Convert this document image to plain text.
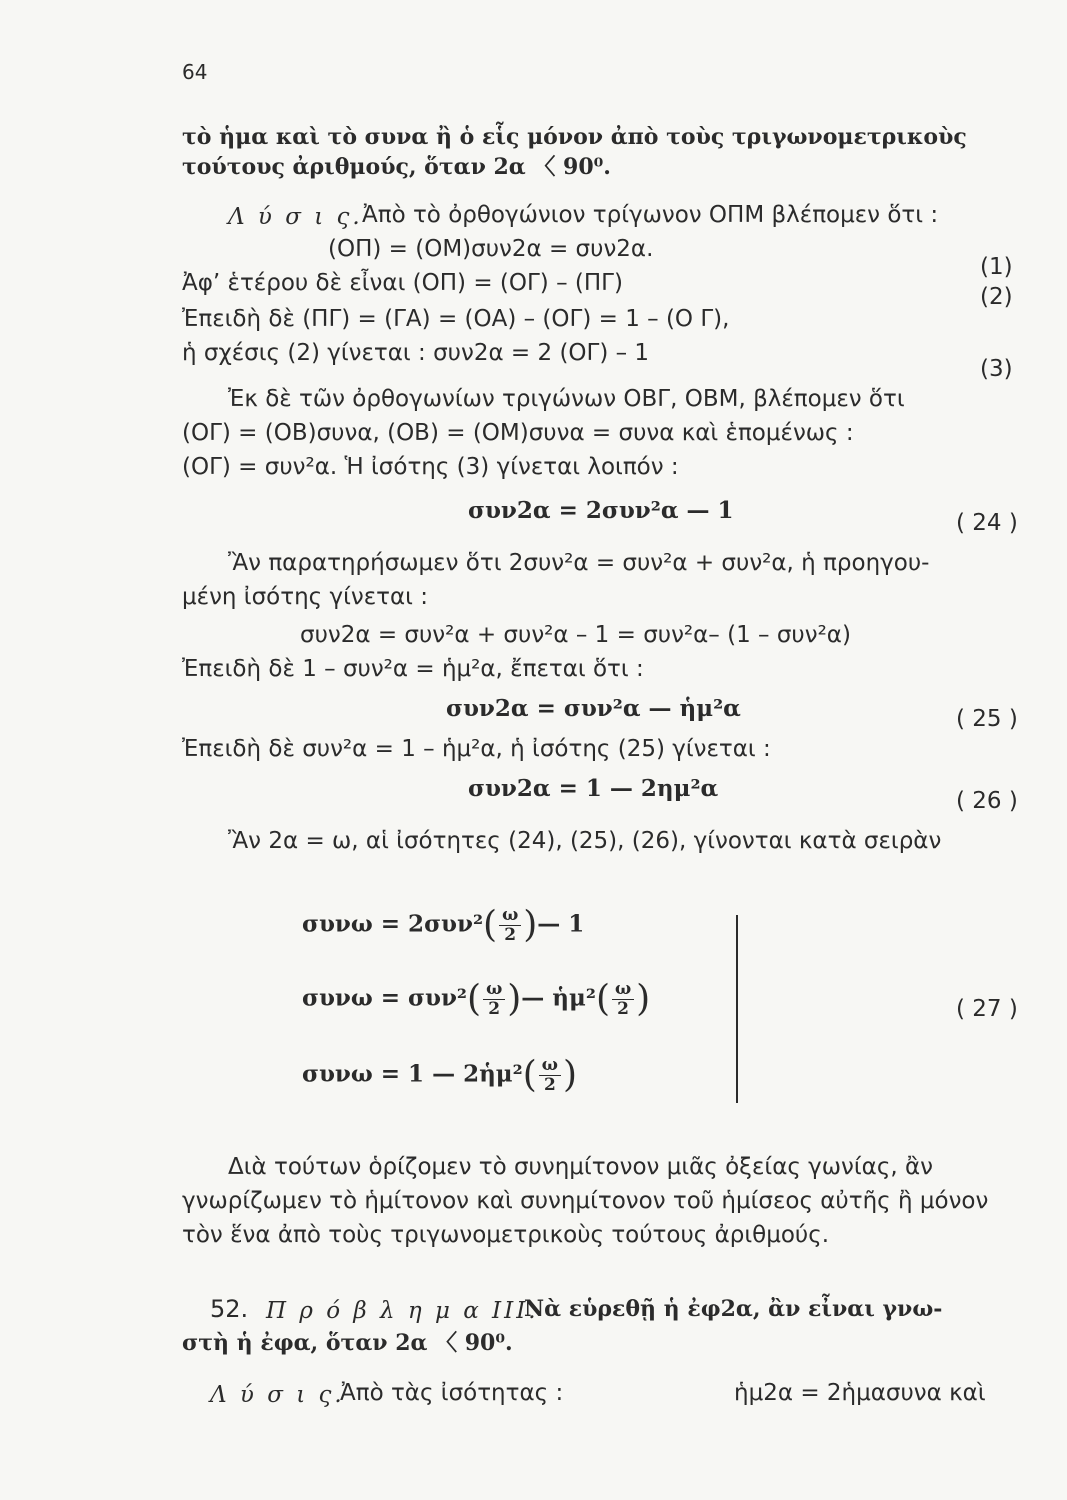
64
τὸ ἡμα καὶ τὸ συνα ἢ ὁ εἷς μόνον ἀπὸ τοὺς τριγωνομετρικοὺς
τούτους ἀριθμούς, ὅταν 2α 〈 90⁰.
Λ ύ σ ι ς. Ἀπὸ τὸ ὀρθογώνιον τρίγωνον ΟΠΜ βλέπομεν ὅτι :
(ΟΠ) = (ΟΜ)συν2α = συν2α.
(1)
Ἀφ’ ἑτέρου δὲ εἶναι (ΟΠ) = (ΟΓ) – (ΠΓ)
(2)
Ἐπειδὴ δὲ (ΠΓ) = (ΓΑ) = (ΟΑ) – (ΟΓ) = 1 – (Ο Γ),
ἡ σχέσις (2) γίνεται : συν2α = 2 (ΟΓ) – 1
(3)
Ἐκ δὲ τῶν ὀρθογωνίων τριγώνων ΟΒΓ, ΟΒΜ, βλέπομεν ὅτι
(ΟΓ) = (ΟΒ)συνα, (ΟΒ) = (ΟΜ)συνα = συνα καὶ ἑπομένως :
(ΟΓ) = συν²α. Ἡ ἰσότης (3) γίνεται λοιπόν :
συν2α = 2συν²α — 1	( 24 )
Ἂν παρατηρήσωμεν ὅτι 2συν²α = συν²α + συν²α, ἡ προηγου-
μένη ἰσότης γίνεται :
συν2α = συν²α + συν²α – 1 = συν²α– (1 – συν²α)
Ἐπειδὴ δὲ 1 – συν²α = ἡμ²α, ἔπεται ὅτι :
συν2α = συν²α — ἡμ²α	( 25 )
Ἐπειδὴ δὲ συν²α = 1 – ἡμ²α, ἡ ἰσότης (25) γίνεται :
συν2α = 1 — 2ημ²α	( 26 )
Ἂν 2α = ω, αἱ ἰσότητες (24), (25), (26), γίνονται κατὰ σειρὰν
$\sigma\upsilon\nu\omega = 2\sigma\upsilon\nu^2( \frac{\omega}{2}$ )— 1
$\sigma\upsilon\nu\omega = \sigma\upsilon\nu^2( \frac{\omega}{2}$ )— ἡμ²( $\frac{\omega}{2}$ )
συνω = 1 — 2ἡμ²( $\frac{\omega}{2}$ )
( 27 )
Διὰ τούτων ὁρίζομεν τὸ συνημίτονον μιᾶς ὀξείας γωνίας, ἂν
γνωρίζωμεν τὸ ἡμίτονον καὶ συνημίτονον τοῦ ἡμίσεος αὐτῆς ἢ μόνον
τὸν ἕνα ἀπὸ τοὺς τριγωνομετρικοὺς τούτους ἀριθμούς.
52. Π ρ ό β λ η μ α ΙΙΙ.
Νὰ εὑρεθῇ ἡ ἐφ2α, ἂν εἶναι γνω-
στὴ ἡ ἐφα, ὅταν 2α 〈 90⁰.
Λ ύ σ ι ς.
Ἀπὸ τὰς ἰσότητας :	ἡμ2α = 2ἡμασυνα καὶ
